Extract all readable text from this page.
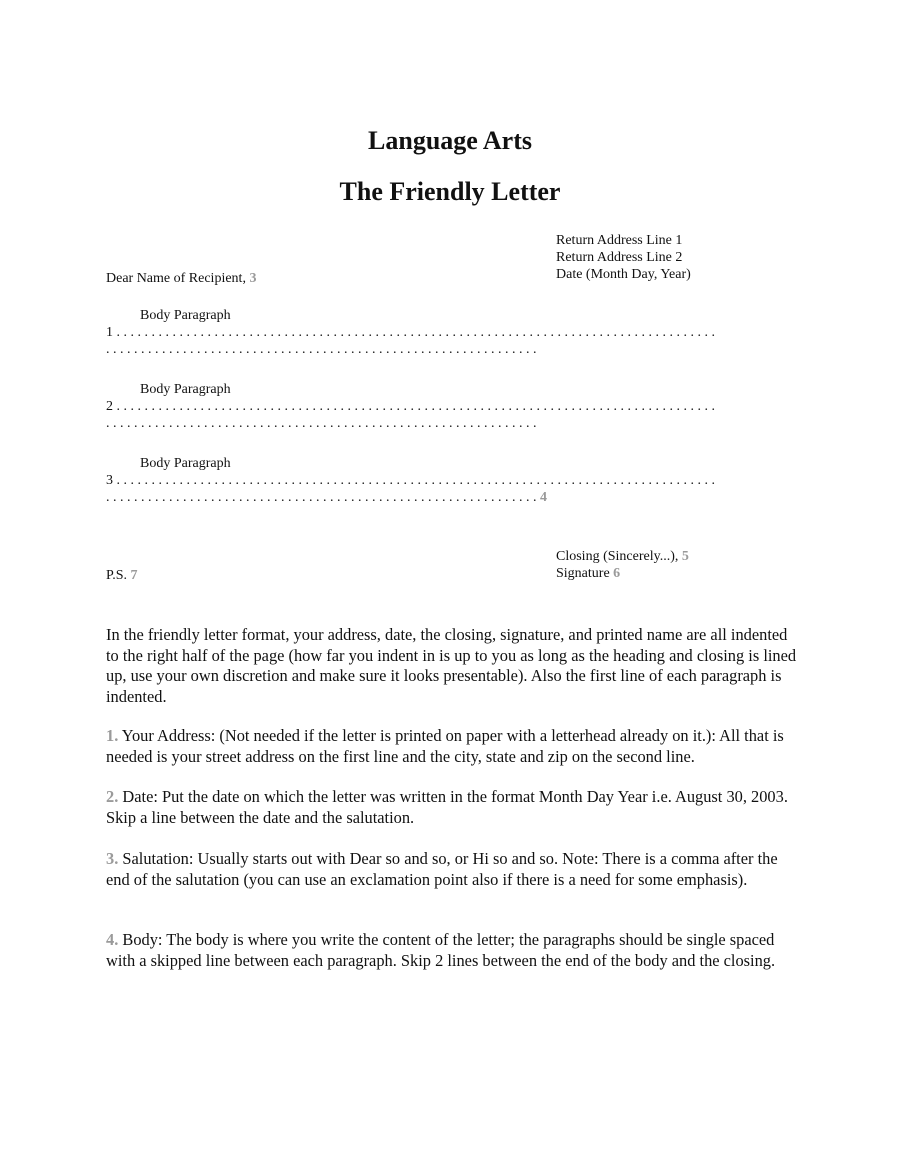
Language Arts
The Friendly Letter
Return Address Line 1
Return Address Line 2
Date (Month Day, Year)
Dear Name of Recipient, 3
Body Paragraph
1 . . . . . . . . . . . . . . . . . . . . . . . . . . . . . . . . . . . . . . . . . . . . . . . . . . . . . . . . . . . . . . . . . . . . . . . . . . . . . . . . . . . . . .
. . . . . . . . . . . . . . . . . . . . . . . . . . . . . . . . . . . . . . . . . . . . . . . . . . . . . . . . . . . . . .
Body Paragraph
2 . . . . . . . . . . . . . . . . . . . . . . . . . . . . . . . . . . . . . . . . . . . . . . . . . . . . . . . . . . . . . . . . . . . . . . . . . . . . . . . . . . . . . .
. . . . . . . . . . . . . . . . . . . . . . . . . . . . . . . . . . . . . . . . . . . . . . . . . . . . . . . . . . . . . .
Body Paragraph
3 . . . . . . . . . . . . . . . . . . . . . . . . . . . . . . . . . . . . . . . . . . . . . . . . . . . . . . . . . . . . . . . . . . . . . . . . . . . . . . . . . . . . . .
. . . . . . . . . . . . . . . . . . . . . . . . . . . . . . . . . . . . . . . . . . . . . . . . . . . . . . . . . . . . . . 4
Closing (Sincerely...), 5
Signature 6
P.S. 7

In the friendly letter format, your address, date, the closing, signature, and printed name are all indented to the right half of the page (how far you indent in is up to you as long as the heading and closing is lined up, use your own discretion and make sure it looks presentable). Also the first line of each paragraph is indented.

1. Your Address: (Not needed if the letter is printed on paper with a letterhead already on it.): All that is needed is your street address on the first line and the city, state and zip on the second line.

2. Date: Put the date on which the letter was written in the format Month Day Year i.e. August 30, 2003. Skip a line between the date and the salutation.

3. Salutation: Usually starts out with Dear so and so, or Hi so and so. Note: There is a comma after the end of the salutation (you can use an exclamation point also if there is a need for some emphasis).

4. Body: The body is where you write the content of the letter; the paragraphs should be single spaced with a skipped line between each paragraph. Skip 2 lines between the end of the body and the closing.
